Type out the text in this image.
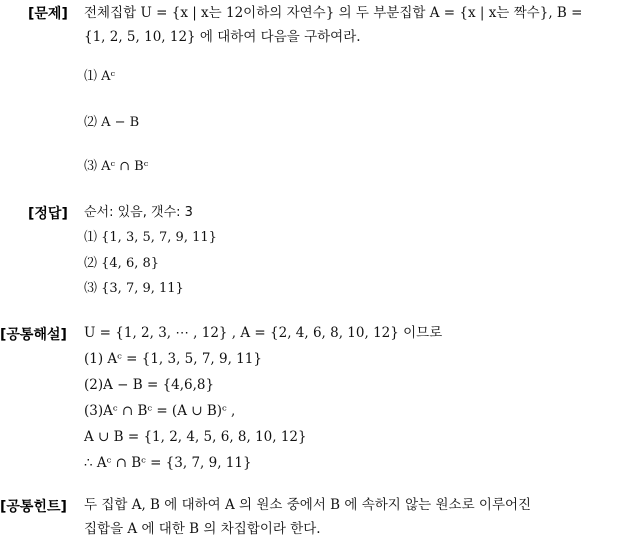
[문제] 전체집합 U = {x | x는 12이하의 자연수} 의 두 부분집합 A = {x | x는 짝수}, B =
{1, 2, 5, 10, 12} 에 대하여 다음을 구하여라.
⑴ Aᶜ
⑵ A − B
⑶ Aᶜ ∩ Bᶜ
[정답] 순서: 있음, 갯수: 3
⑴ {1, 3, 5, 7, 9, 11}
⑵ {4, 6, 8}
⑶ {3, 7, 9, 11}
[공통해설] U = {1, 2, 3, ⋯ , 12} , A = {2, 4, 6, 8, 10, 12} 이므로
(1) Aᶜ = {1, 3, 5, 7, 9, 11}
(2)A − B = {4,6,8}
(3)Aᶜ ∩ Bᶜ = (A ∪ B)ᶜ ,
A ∪ B = {1, 2, 4, 5, 6, 8, 10, 12}
∴ Aᶜ ∩ Bᶜ = {3, 7, 9, 11}
[공통힌트] 두 집합 A, B 에 대하여 A 의 원소 중에서 B 에 속하지 않는 원소로 이루어진
집합을 A 에 대한 B 의 차집합이라 한다.
